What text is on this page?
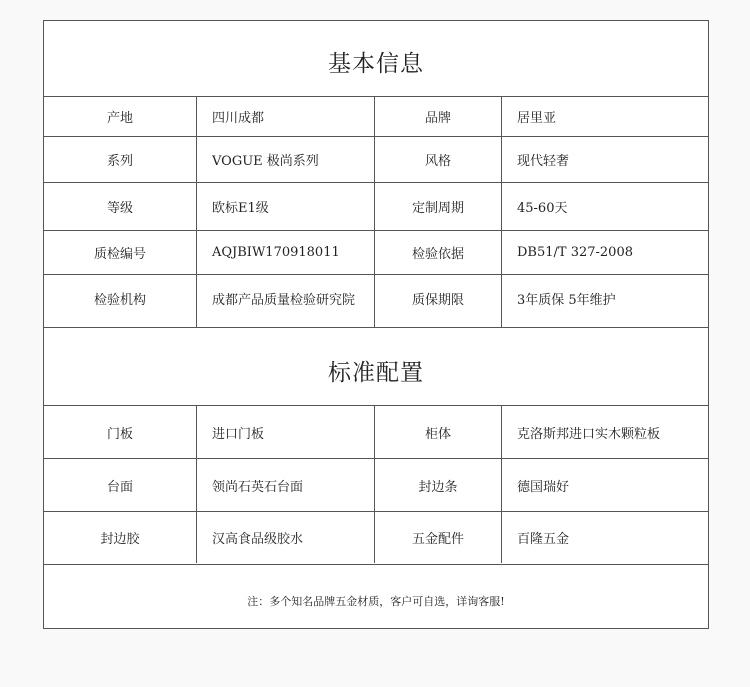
基本信息
产地	四川成都	品牌	居里亚
系列	VOGUE 极尚系列	风格	现代轻奢
等级	欧标E1级	定制周期	45-60天
质检编号	AQJBIW170918011	检验依据	DB51/T 327-2008
检验机构	成都产品质量检验研究院	质保期限	3年质保 5年维护
标准配置
门板	进口门板	柜体	克洛斯邦进口实木颗粒板
台面	领尚石英石台面	封边条	德国瑞好
封边胶	汉高食品级胶水	五金配件	百隆五金
注：多个知名品牌五金材质，客户可自选，详询客服!
